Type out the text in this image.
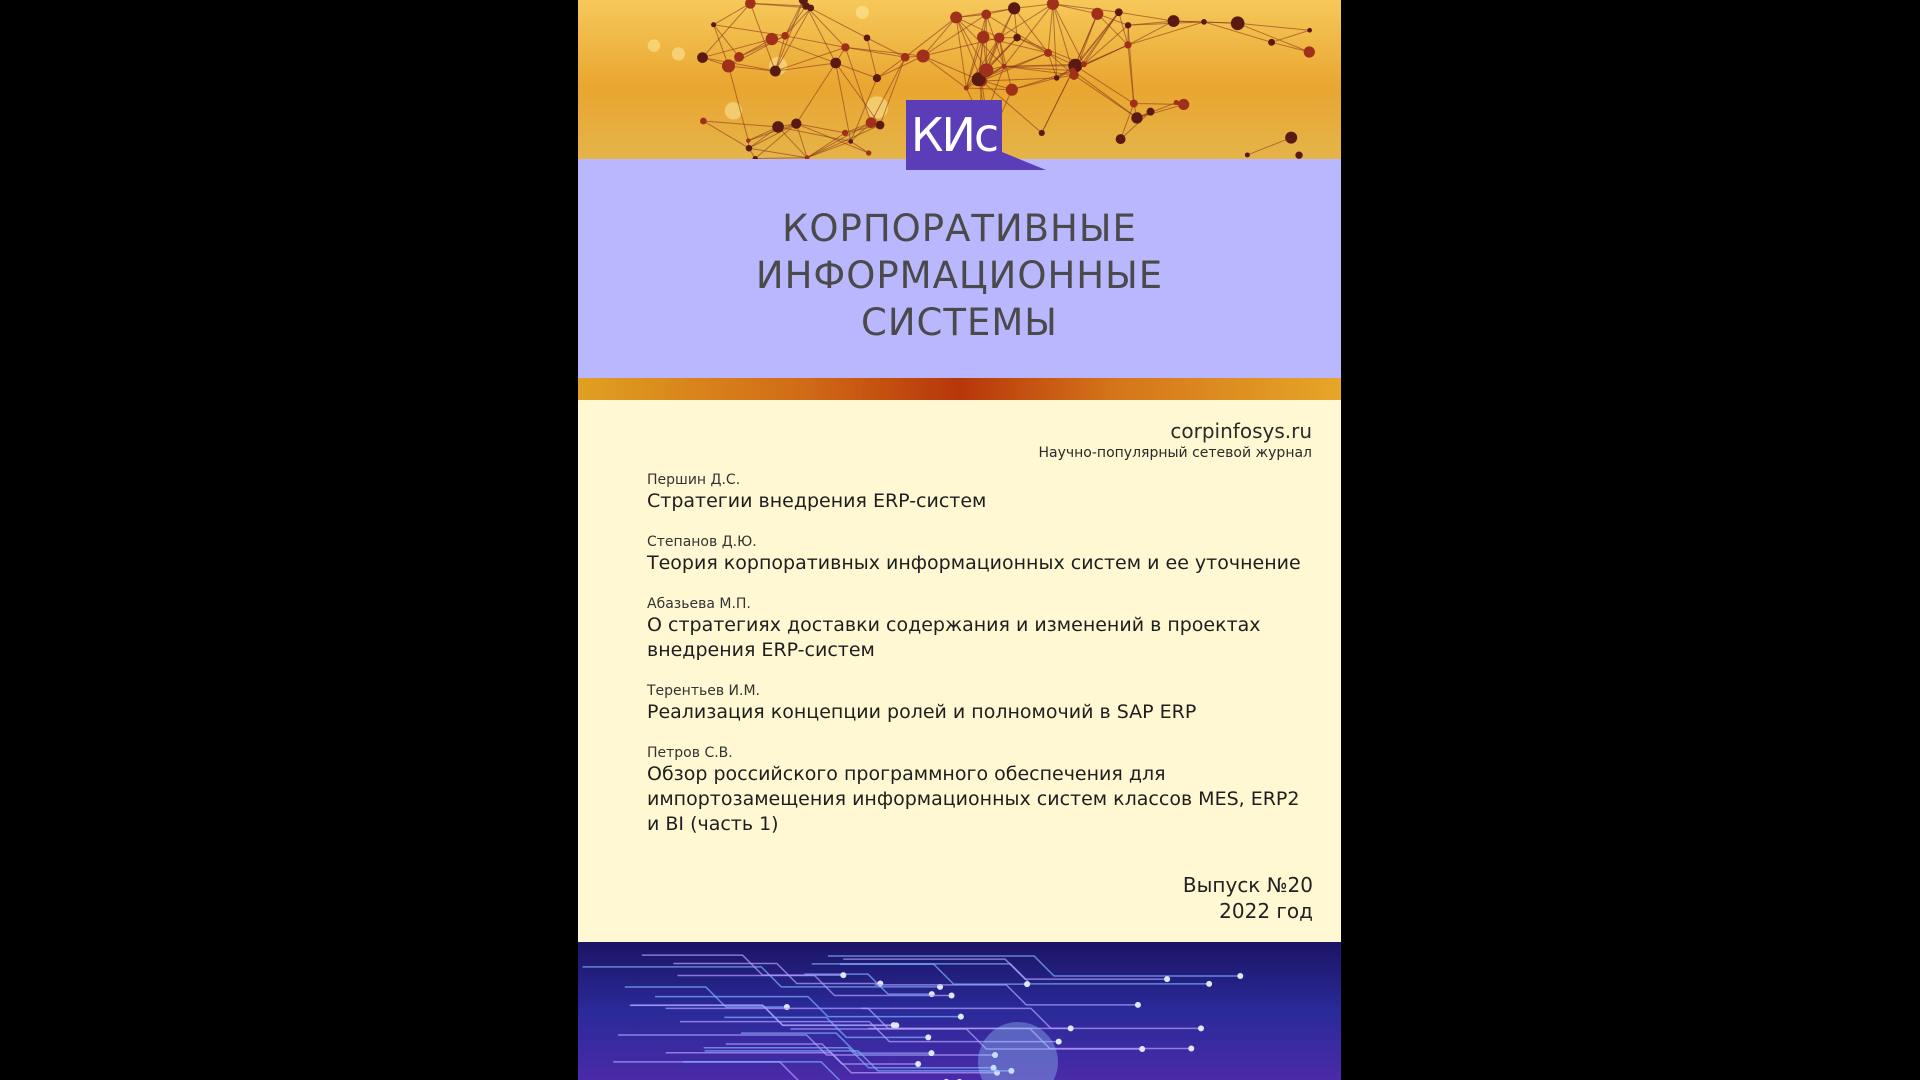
КОРПОРАТИВНЫЕ
ИНФОРМАЦИОННЫЕ
СИСТЕМЫ
КИс
corpinfosys.ru
Научно-популярный сетевой журнал
Першин Д.С.
Стратегии внедрения ERP-систем
Степанов Д.Ю.
Теория корпоративных информационных систем и ее уточнение
Абазьева М.П.
О стратегиях доставки содержания и изменений в проектах внедрения ERP-систем
Терентьев И.М.
Реализация концепции ролей и полномочий в SAP ERP
Петров С.В.
Обзор российского программного обеспечения для импортозамещения информационных систем классов MES, ERP2 и BI (часть 1)
Выпуск №20
2022 год
